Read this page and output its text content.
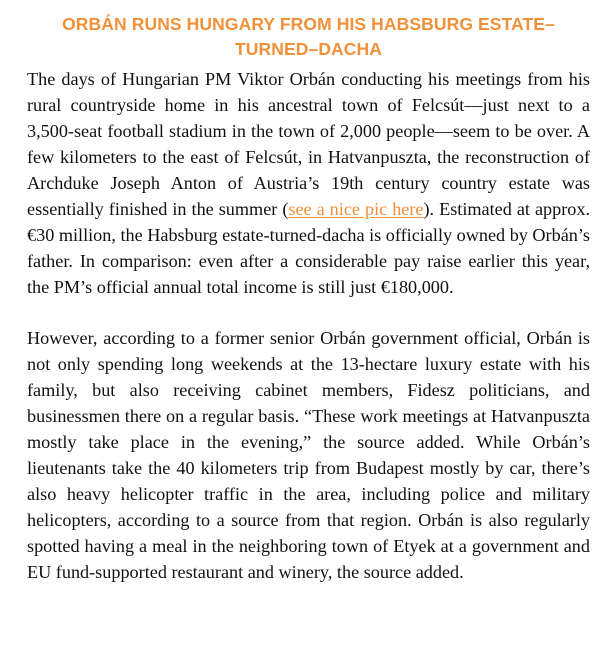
ORBÁN RUNS HUNGARY FROM HIS HABSBURG ESTATE–
TURNED–DACHA

The days of Hungarian PM Viktor Orbán conducting his meetings from his rural countryside home in his ancestral town of Felcsút—just next to a 3,500-seat football stadium in the town of 2,000 people—seem to be over. A few kilometers to the east of Felcsút, in Hatvanpuszta, the reconstruction of Archduke Joseph Anton of Austria’s 19th century country estate was essentially finished in the summer (see a nice pic here). Estimated at approx. €30 million, the Habsburg estate-turned-dacha is officially owned by Orbán’s father. In comparison: even after a considerable pay raise earlier this year, the PM’s official annual total income is still just €180,000.

However, according to a former senior Orbán government official, Orbán is not only spending long weekends at the 13-hectare luxury estate with his family, but also receiving cabinet members, Fidesz politicians, and businessmen there on a regular basis. “These work meetings at Hatvanpuszta mostly take place in the evening,” the source added. While Orbán’s lieutenants take the 40 kilometers trip from Budapest mostly by car, there’s also heavy helicopter traffic in the area, including police and military helicopters, according to a source from that region. Orbán is also regularly spotted having a meal in the neighboring town of Etyek at a government and EU fund-supported restaurant and winery, the source added.
